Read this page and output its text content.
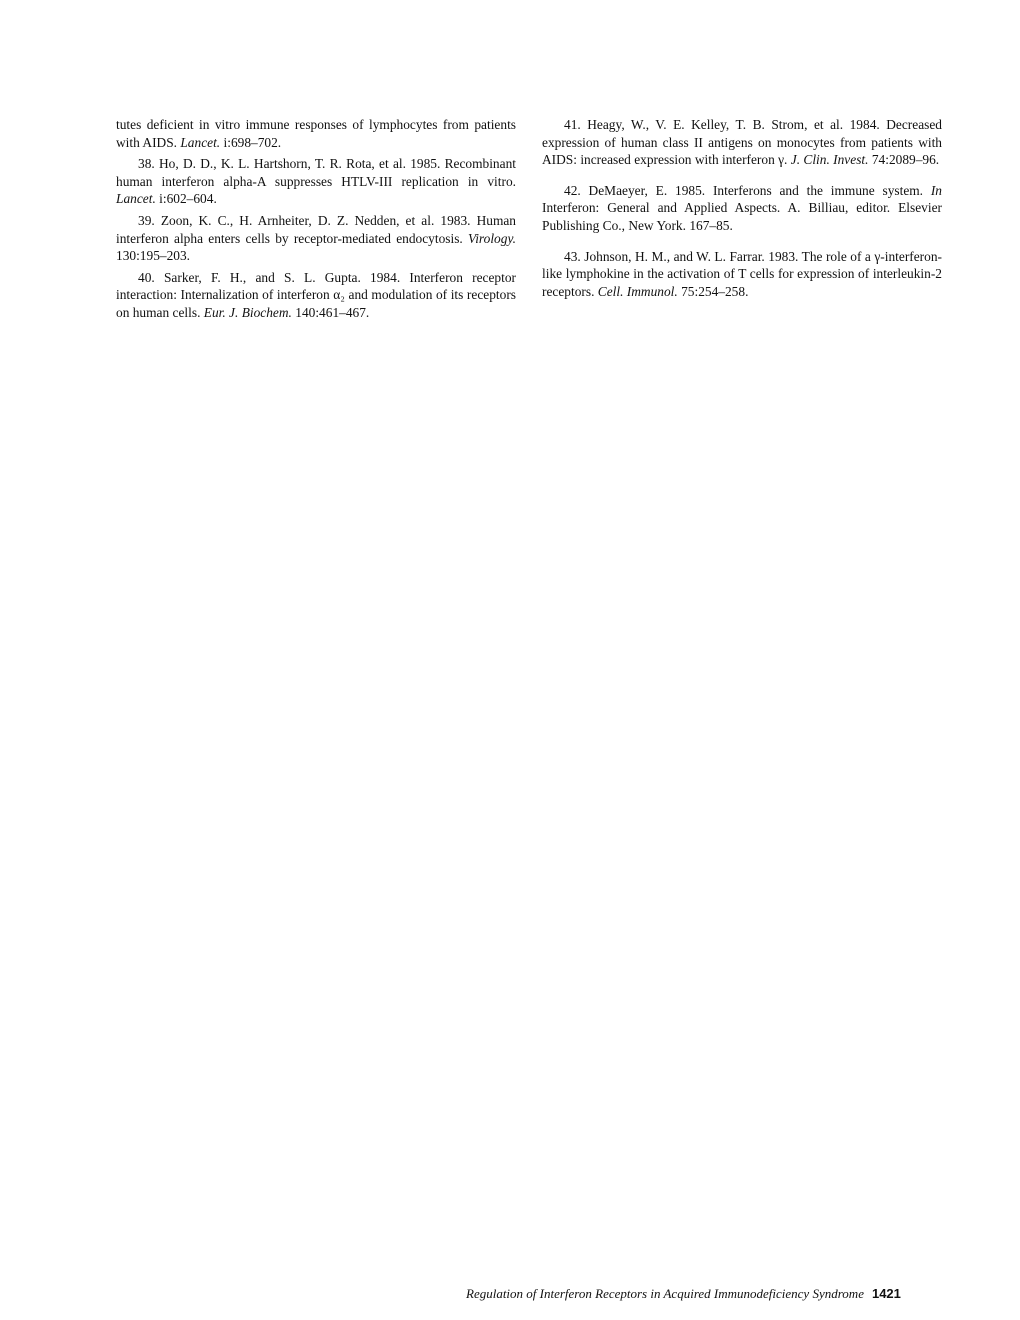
tutes deficient in vitro immune responses of lymphocytes from patients with AIDS. Lancet. i:698–702.

38. Ho, D. D., K. L. Hartshorn, T. R. Rota, et al. 1985. Recombinant human interferon alpha-A suppresses HTLV-III replication in vitro. Lancet. i:602–604.

39. Zoon, K. C., H. Arnheiter, D. Z. Nedden, et al. 1983. Human interferon alpha enters cells by receptor-mediated endocytosis. Virology. 130:195–203.

40. Sarker, F. H., and S. L. Gupta. 1984. Interferon receptor interaction: Internalization of interferon α₂ and modulation of its receptors on human cells. Eur. J. Biochem. 140:461–467.

41. Heagy, W., V. E. Kelley, T. B. Strom, et al. 1984. Decreased expression of human class II antigens on monocytes from patients with AIDS: increased expression with interferon γ. J. Clin. Invest. 74:2089–96.

42. DeMaeyer, E. 1985. Interferons and the immune system. In Interferon: General and Applied Aspects. A. Billiau, editor. Elsevier Publishing Co., New York. 167–85.

43. Johnson, H. M., and W. L. Farrar. 1983. The role of a γ-interferon-like lymphokine in the activation of T cells for expression of interleukin-2 receptors. Cell. Immunol. 75:254–258.

Regulation of Interferon Receptors in Acquired Immunodeficiency Syndrome 1421
